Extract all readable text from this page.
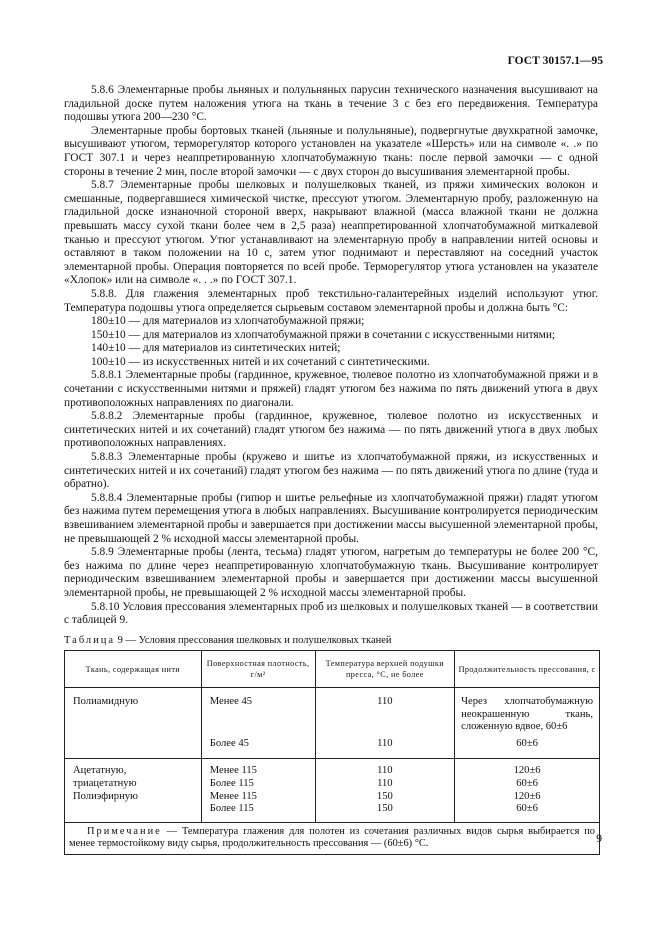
ГОСТ 30157.1—95

5.8.6 Элементарные пробы льняных и полульняных парусин технического назначения высушивают на гладильной доске путем наложения утюга на ткань в течение 3 с без его передвижения. Температура подошвы утюга 200—230 °С.

Элементарные пробы бортовых тканей (льняные и полульняные), подвергнутые двухкратной замочке, высушивают утюгом, терморегулятор которого установлен на указателе «Шерсть» или на символе «. .» по ГОСТ 307.1 и через неаппретированную хлопчатобумажную ткань: после первой замочки — с одной стороны в течение 2 мин, после второй замочки — с двух сторон до высушивания элементарной пробы.

5.8.7 Элементарные пробы шелковых и полушелковых тканей, из пряжи химических волокон и смешанные, подвергавшиеся химической чистке, прессуют утюгом. Элементарную пробу, разложенную на гладильной доске изнаночной стороной вверх, накрывают влажной (масса влажной ткани не должна превышать массу сухой ткани более чем в 2,5 раза) неаппретированной хлопчатобумажной миткалевой тканью и прессуют утюгом. Утюг устанавливают на элементарную пробу в направлении нитей основы и оставляют в таком положении на 10 с, затем утюг поднимают и переставляют на соседний участок элементарной пробы. Операция повторяется по всей пробе. Терморегулятор утюга установлен на указателе «Хлопок» или на символе «. . .» по ГОСТ 307.1.

5.8.8. Для глажения элементарных проб текстильно-галантерейных изделий используют утюг. Температура подошвы утюга определяется сырьевым составом элементарной пробы и должна быть °С:

180±10 — для материалов из хлопчатобумажной пряжи;

150±10 — для материалов из хлопчатобумажной пряжи в сочетании с искусственными нитями;

140±10 — для материалов из синтетических нитей;

100±10 — из искусственных нитей и их сочетаний с синтетическими.

5.8.8.1 Элементарные пробы (гардинное, кружевное, тюлевое полотно из хлопчатобумажной пряжи и в сочетании с искусственными нитями и пряжей) гладят утюгом без нажима по пять движений утюга в двух противоположных направлениях по диагонали.

5.8.8.2 Элементарные пробы (гардинное, кружевное, тюлевое полотно из искусственных и синтетических нитей и их сочетаний) гладят утюгом без нажима — по пять движений утюга в двух любых противоположных направлениях.

5.8.8.3 Элементарные пробы (кружево и шитье из хлопчатобумажной пряжи, из искусственных и синтетических нитей и их сочетаний) гладят утюгом без нажима — по пять движений утюга по длине (туда и обратно).

5.8.8.4 Элементарные пробы (гипюр и шитье рельефные из хлопчатобумажной пряжи) гладят утюгом без нажима путем перемещения утюга в любых направлениях. Высушивание контролируется периодическим взвешиванием элементарной пробы и завершается при достижении массы высушенной элементарной пробы, не превышающей 2 % исходной массы элементарной пробы.

5.8.9 Элементарные пробы (лента, тесьма) гладят утюгом, нагретым до температуры не более 200 °С, без нажима по длине через неаппретированную хлопчатобумажную ткань. Высушивание контролирует периодическим взвешиванием элементарной пробы и завершается при достижении массы высушенной элементарной пробы, не превышающей 2 % исходной массы элементарной пробы.

5.8.10 Условия прессования элементарных проб из шелковых и полушелковых тканей — в соответствии с таблицей 9.

Таблица 9 — Условия прессования шелковых и полушелковых тканей
Ткань, содержащая нити	Поверхностная плотность, г/м²	Температура верхней подушки пресса, °С, не более	Продолжительность прессования, с

Полиамидную	Менее 45	110	Через хлопчатобумажную неокрашенную ткань, сложенную вдвое, 60±6
	Более 45	110	60±6

Ацетатную,	Менее 115	110	120±6
триацетатную	Более 115	110	60±6
Полиэфирную	Менее 115	150	120±6
	Более 115	150	60±6

Примечание — Температура глажения для полотен из сочетания различных видов сырья выбирается по менее термостойкому виду сырья, продолжительность прессования — (60±6) °С.				9
